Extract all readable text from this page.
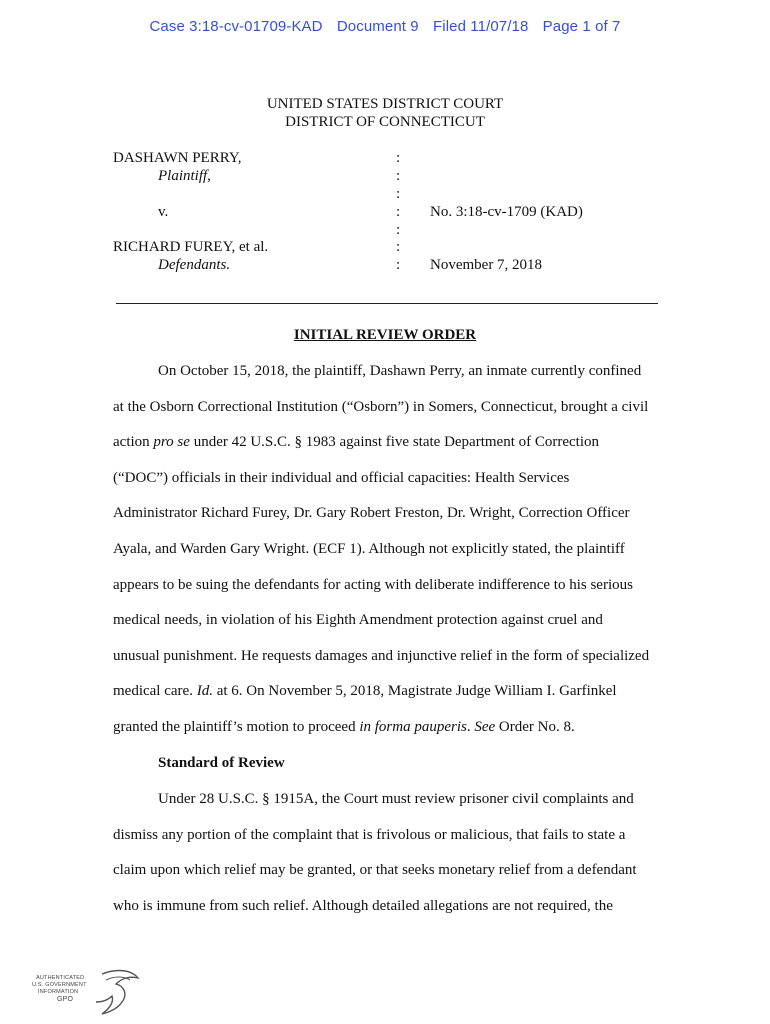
Case 3:18-cv-01709-KAD Document 9 Filed 11/07/18 Page 1 of 7
UNITED STATES DISTRICT COURT
DISTRICT OF CONNECTICUT
DASHAWN PERRY,	:
Plaintiff,	:
:
v.	: No. 3:18-cv-1709 (KAD)
:
RICHARD FUREY, et al.	:
Defendants.	: November 7, 2018
INITIAL REVIEW ORDER
On October 15, 2018, the plaintiff, Dashawn Perry, an inmate currently confined
at the Osborn Correctional Institution (“Osborn”) in Somers, Connecticut, brought a civil
action pro se under 42 U.S.C. § 1983 against five state Department of Correction
(“DOC”) officials in their individual and official capacities: Health Services
Administrator Richard Furey, Dr. Gary Robert Freston, Dr. Wright, Correction Officer
Ayala, and Warden Gary Wright. (ECF 1). Although not explicitly stated, the plaintiff
appears to be suing the defendants for acting with deliberate indifference to his serious
medical needs, in violation of his Eighth Amendment protection against cruel and
unusual punishment. He requests damages and injunctive relief in the form of specialized
medical care. Id. at 6. On November 5, 2018, Magistrate Judge William I. Garfinkel
granted the plaintiff’s motion to proceed in forma pauperis. See Order No. 8.
Standard of Review
Under 28 U.S.C. § 1915A, the Court must review prisoner civil complaints and
dismiss any portion of the complaint that is frivolous or malicious, that fails to state a
claim upon which relief may be granted, or that seeks monetary relief from a defendant
who is immune from such relief. Although detailed allegations are not required, the
AUTHENTICATED
U.S. GOVERNMENT
INFORMATION
GPO
